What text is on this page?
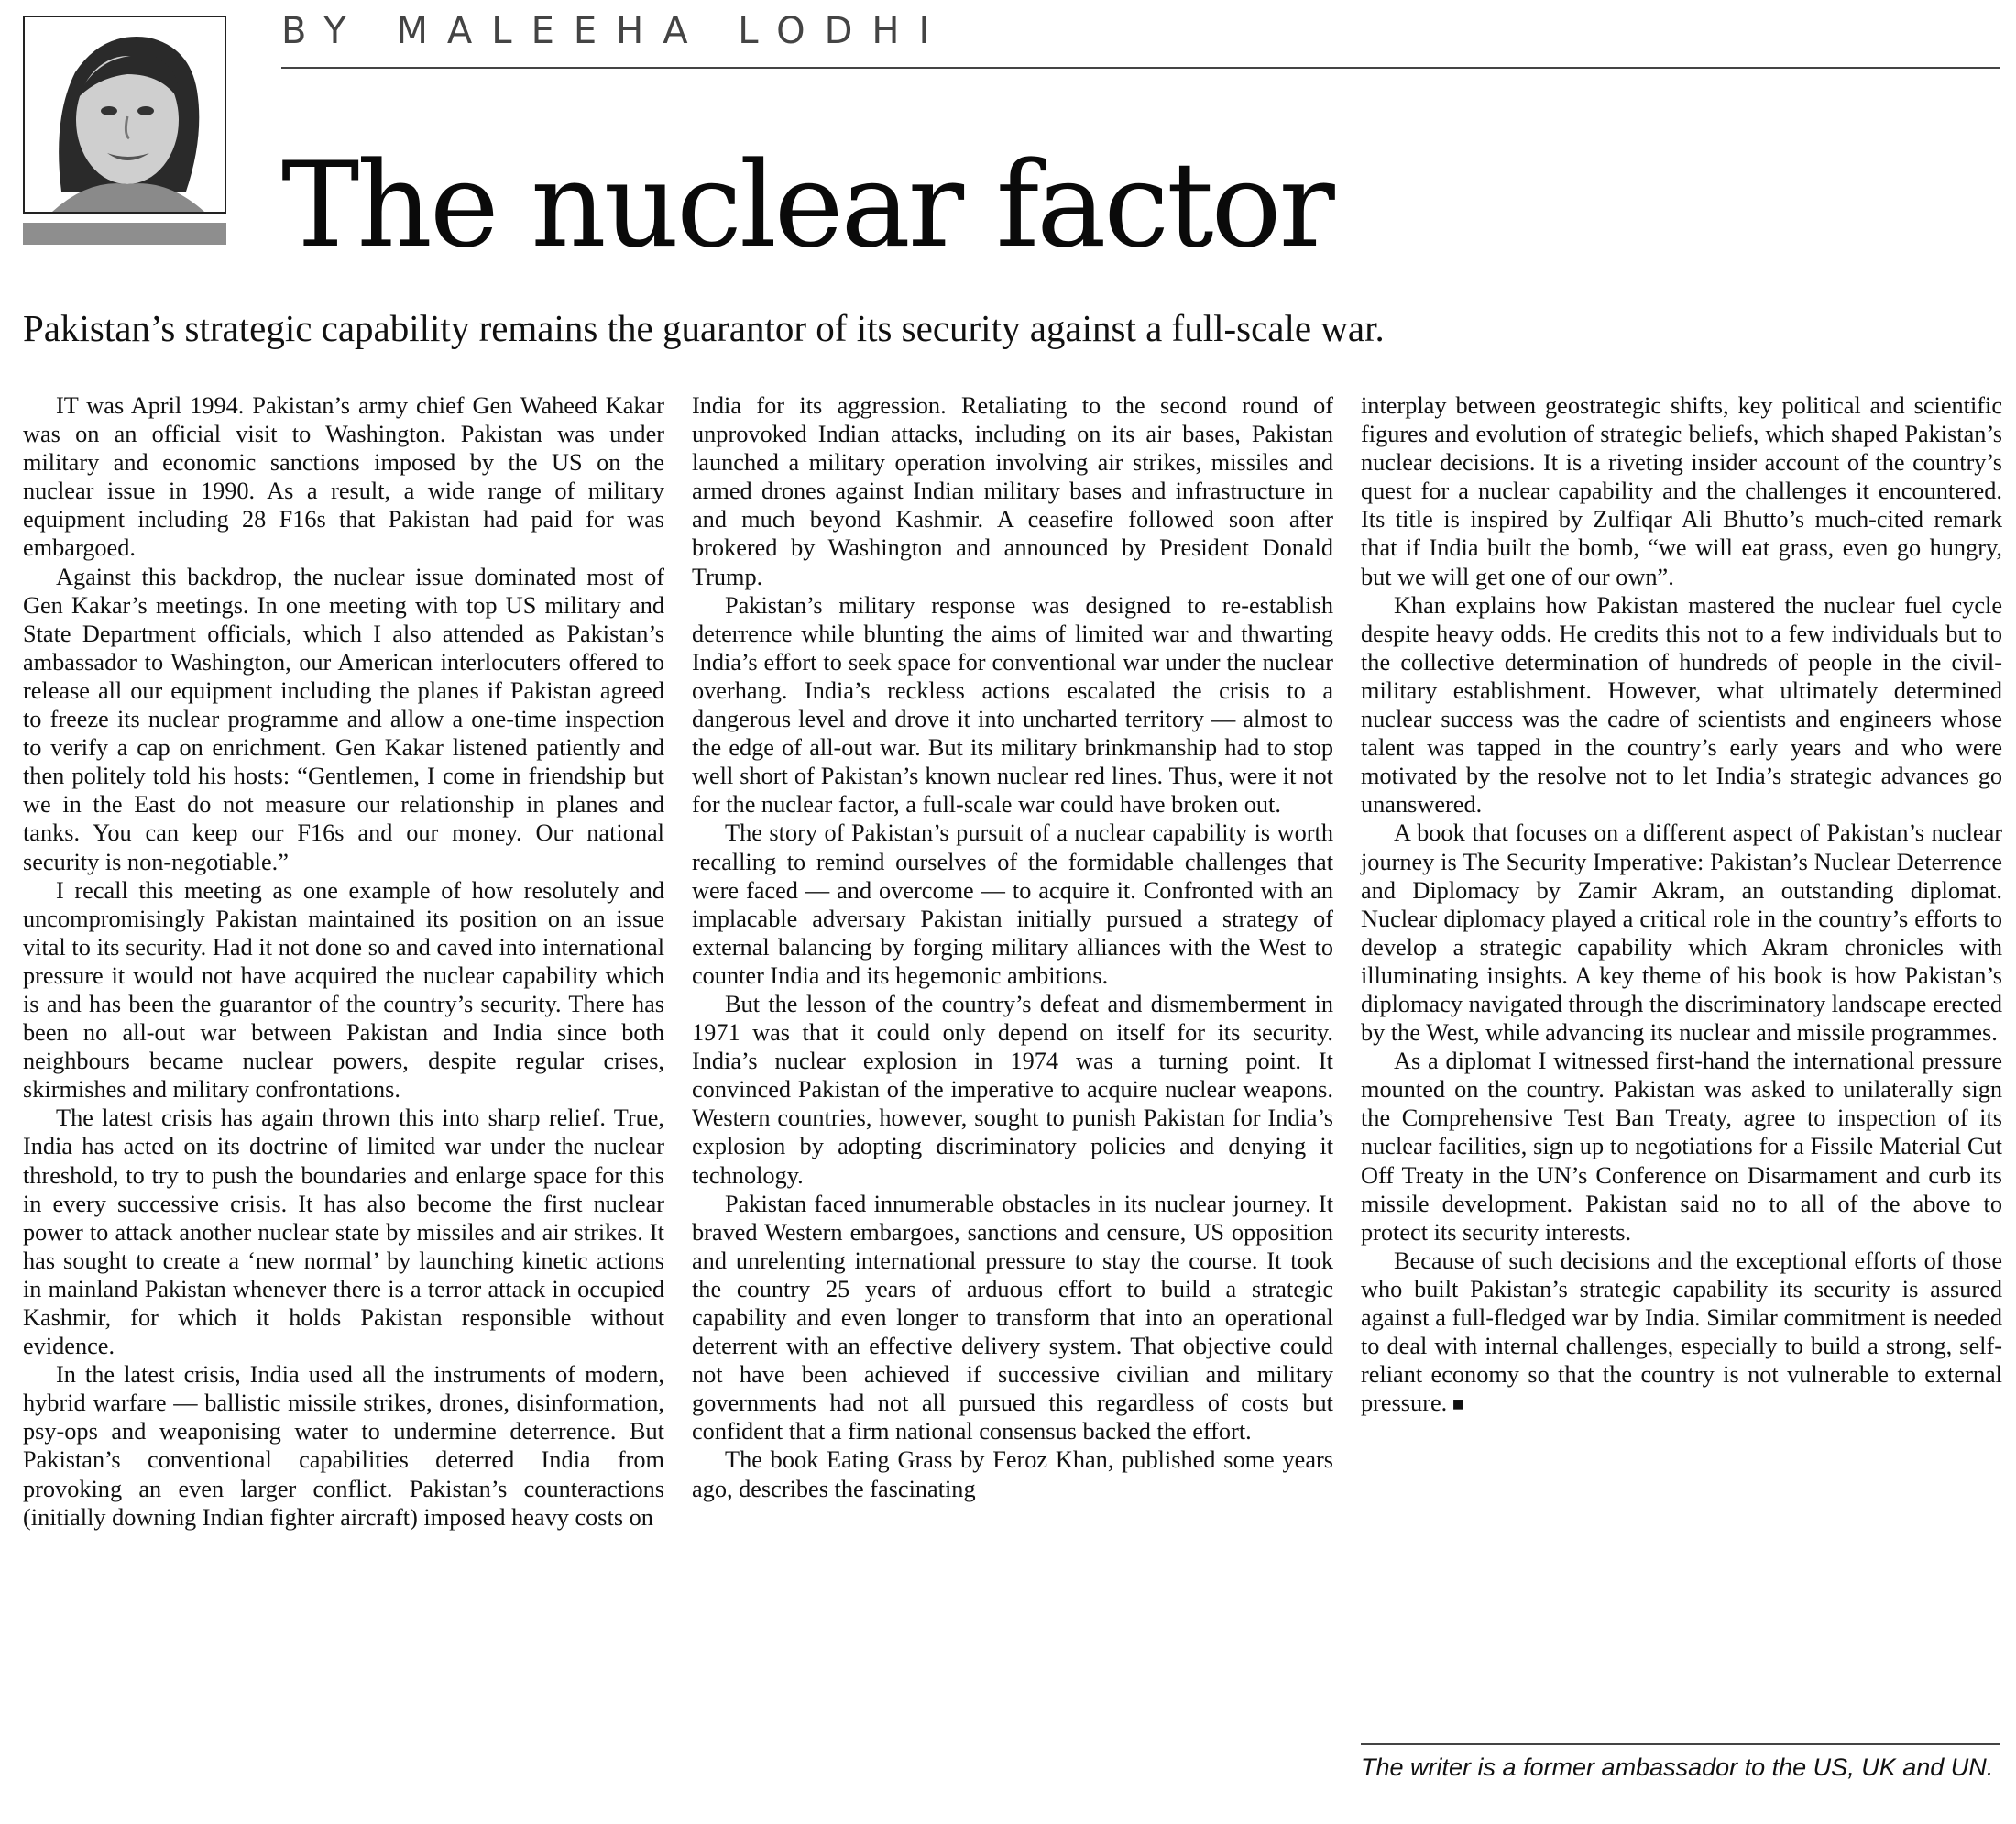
BY MALEEHA LODHI
The nuclear factor

Pakistan’s strategic capability remains the guarantor of its security against a full-scale war.

IT was April 1994. Pakistan’s army chief Gen Waheed Kakar was on an official visit to Washington. Pakistan was under military and economic sanctions imposed by the US on the nuclear issue in 1990. As a result, a wide range of military equipment including 28 F16s that Pakistan had paid for was embargoed.

Against this backdrop, the nuclear issue dominated most of Gen Kakar’s meetings. In one meeting with top US military and State Department officials, which I also attended as Pakistan’s ambassador to Washington, our American interlocuters offered to release all our equipment including the planes if Pakistan agreed to freeze its nuclear programme and allow a one-time inspection to verify a cap on enrichment. Gen Kakar listened patiently and then politely told his hosts: “Gentlemen, I come in friendship but we in the East do not measure our relationship in planes and tanks. You can keep our F16s and our money. Our national security is non-negotiable.”

I recall this meeting as one example of how resolutely and uncompromisingly Pakistan maintained its position on an issue vital to its security. Had it not done so and caved into international pressure it would not have acquired the nuclear capability which is and has been the guarantor of the country’s security. There has been no all-out war between Pakistan and India since both neighbours became nuclear powers, despite regular crises, skirmishes and military confrontations.

The latest crisis has again thrown this into sharp relief. True, India has acted on its doctrine of limited war under the nuclear threshold, to try to push the boundaries and enlarge space for this in every successive crisis. It has also become the first nuclear power to attack another nuclear state by missiles and air strikes. It has sought to create a ‘new normal’ by launching kinetic actions in mainland Pakistan whenever there is a terror attack in occupied Kashmir, for which it holds Pakistan responsible without evidence.

In the latest crisis, India used all the instruments of modern, hybrid warfare — ballistic missile strikes, drones, disinformation, psy-ops and weaponising water to undermine deterrence. But Pakistan’s conventional capabilities deterred India from provoking an even larger conflict. Pakistan’s counteractions (initially downing Indian fighter aircraft) imposed heavy costs on

India for its aggression. Retaliating to the second round of unprovoked Indian attacks, including on its air bases, Pakistan launched a military operation involving air strikes, missiles and armed drones against Indian military bases and infrastructure in and much beyond Kashmir. A ceasefire followed soon after brokered by Washington and announced by President Donald Trump.

Pakistan’s military response was designed to re-establish deterrence while blunting the aims of limited war and thwarting India’s effort to seek space for conventional war under the nuclear overhang. India’s reckless actions escalated the crisis to a dangerous level and drove it into uncharted territory — almost to the edge of all-out war. But its military brinkmanship had to stop well short of Pakistan’s known nuclear red lines. Thus, were it not for the nuclear factor, a full-scale war could have broken out.

The story of Pakistan’s pursuit of a nuclear capability is worth recalling to remind ourselves of the formidable challenges that were faced — and overcome — to acquire it. Confronted with an implacable adversary Pakistan initially pursued a strategy of external balancing by forging military alliances with the West to counter India and its hegemonic ambitions.

But the lesson of the country’s defeat and dismemberment in 1971 was that it could only depend on itself for its security. India’s nuclear explosion in 1974 was a turning point. It convinced Pakistan of the imperative to acquire nuclear weapons. Western countries, however, sought to punish Pakistan for India’s explosion by adopting discriminatory policies and denying it technology.

Pakistan faced innumerable obstacles in its nuclear journey. It braved Western embargoes, sanctions and censure, US opposition and unrelenting international pressure to stay the course. It took the country 25 years of arduous effort to build a strategic capability and even longer to transform that into an operational deterrent with an effective delivery system. That objective could not have been achieved if successive civilian and military governments had not all pursued this regardless of costs but confident that a firm national consensus backed the effort.

The book Eating Grass by Feroz Khan, published some years ago, describes the fascinating

interplay between geostrategic shifts, key political and scientific figures and evolution of strategic beliefs, which shaped Pakistan’s nuclear decisions. It is a riveting insider account of the country’s quest for a nuclear capability and the challenges it encountered. Its title is inspired by Zulfiqar Ali Bhutto’s much-cited remark that if India built the bomb, “we will eat grass, even go hungry, but we will get one of our own”.

Khan explains how Pakistan mastered the nuclear fuel cycle despite heavy odds. He credits this not to a few individuals but to the collective determination of hundreds of people in the civil-military establishment. However, what ultimately determined nuclear success was the cadre of scientists and engineers whose talent was tapped in the country’s early years and who were motivated by the resolve not to let India’s strategic advances go unanswered.

A book that focuses on a different aspect of Pakistan’s nuclear journey is The Security Imperative: Pakistan’s Nuclear Deterrence and Diplomacy by Zamir Akram, an outstanding diplomat. Nuclear diplomacy played a critical role in the country’s efforts to develop a strategic capability which Akram chronicles with illuminating insights. A key theme of his book is how Pakistan’s diplomacy navigated through the discriminatory landscape erected by the West, while advancing its nuclear and missile programmes.

As a diplomat I witnessed first-hand the international pressure mounted on the country. Pakistan was asked to unilaterally sign the Comprehensive Test Ban Treaty, agree to inspection of its nuclear facilities, sign up to negotiations for a Fissile Material Cut Off Treaty in the UN’s Conference on Disarmament and curb its missile development. Pakistan said no to all of the above to protect its security interests.

Because of such decisions and the exceptional efforts of those who built Pakistan’s strategic capability its security is assured against a full-fledged war by India. Similar commitment is needed to deal with internal challenges, especially to build a strong, self-reliant economy so that the country is not vulnerable to external pressure. ■

The writer is a former ambassador to the US, UK and UN.
